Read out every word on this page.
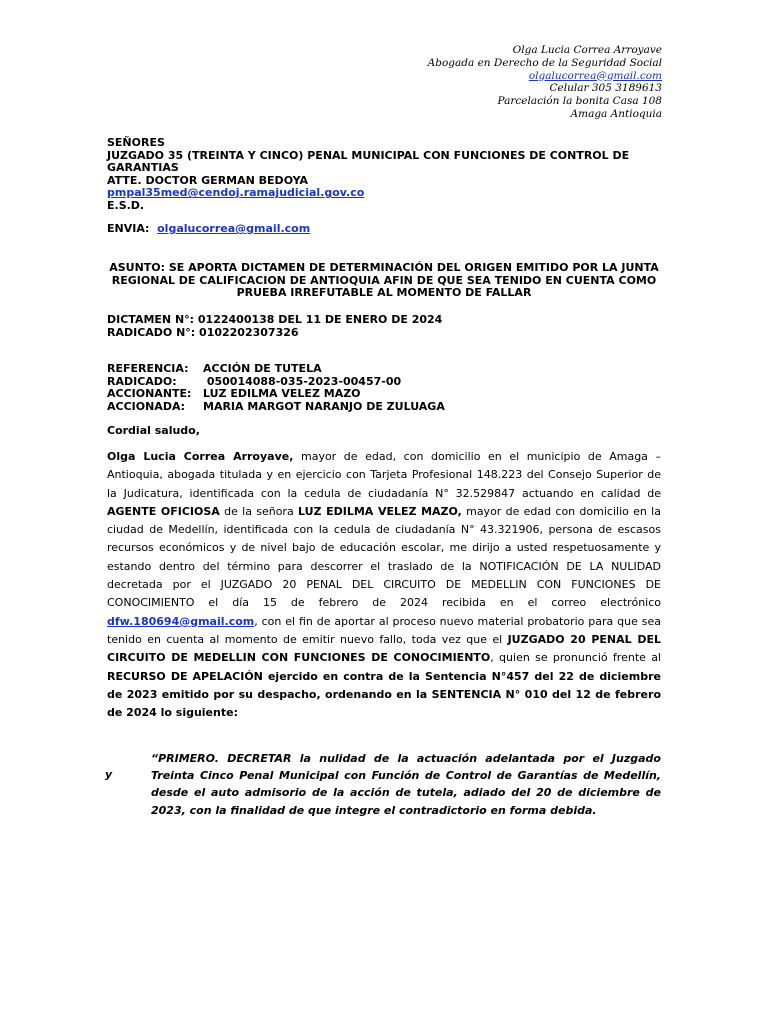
Olga Lucia Correa Arroyave
Abogada en Derecho de la Seguridad Social
olgalucorrea@gmail.com
Celular 305 3189613
Parcelación la bonita Casa 108
Amaga Antioquia
SEÑORES
JUZGADO 35 (TREINTA Y CINCO) PENAL MUNICIPAL CON FUNCIONES DE CONTROL DE
GARANTIAS
ATTE. DOCTOR GERMAN BEDOYA
pmpal35med@cendoj.ramajudicial.gov.co
E.S.D.
ENVIA: olgalucorrea@gmail.com
ASUNTO: SE APORTA DICTAMEN DE DETERMINACIÓN DEL ORIGEN EMITIDO POR LA JUNTA
REGIONAL DE CALIFICACION DE ANTIOQUIA AFIN DE QUE SEA TENIDO EN CUENTA COMO
PRUEBA IRREFUTABLE AL MOMENTO DE FALLAR
DICTAMEN N°: 0122400138 DEL 11 DE ENERO DE 2024
RADICADO N°: 0102202307326
REFERENCIA: ACCIÓN DE TUTELA
RADICADO: 050014088-035-2023-00457-00
ACCIONANTE: LUZ EDILMA VELEZ MAZO
ACCIONADA: MARIA MARGOT NARANJO DE ZULUAGA
Cordial saludo,
Olga Lucia Correa Arroyave, mayor de edad, con domicilio en el municipio de Amaga – Antioquia, abogada titulada y en ejercicio con Tarjeta Profesional 148.223 del Consejo Superior de la Judicatura, identificada con la cedula de ciudadanía N° 32.529847 actuando en calidad de AGENTE OFICIOSA de la señora LUZ EDILMA VELEZ MAZO, mayor de edad con domicilio en la ciudad de Medellín, identificada con la cedula de ciudadanía N° 43.321906, persona de escasos recursos económicos y de nivel bajo de educación escolar, me dirijo a usted respetuosamente y estando dentro del término para descorrer el traslado de la NOTIFICACIÓN DE LA NULIDAD decretada por el JUZGADO 20 PENAL DEL CIRCUITO DE MEDELLIN CON FUNCIONES DE CONOCIMIENTO el día 15 de febrero de 2024 recibida en el correo electrónico dfw.180694@gmail.com, con el fin de aportar al proceso nuevo material probatorio para que sea tenido en cuenta al momento de emitir nuevo fallo, toda vez que el JUZGADO 20 PENAL DEL CIRCUITO DE MEDELLIN CON FUNCIONES DE CONOCIMIENTO, quien se pronunció frente al RECURSO DE APELACIÓN ejercido en contra de la Sentencia N°457 del 22 de diciembre de 2023 emitido por su despacho, ordenando en la SENTENCIA N° 010 del 12 de febrero de 2024 lo siguiente:
y
“PRIMERO. DECRETAR la nulidad de la actuación adelantada por el Juzgado Treinta Cinco Penal Municipal con Función de Control de Garantías de Medellín, desde el auto admisorio de la acción de tutela, adiado del 20 de diciembre de 2023, con la finalidad de que integre el contradictorio en forma debida.
